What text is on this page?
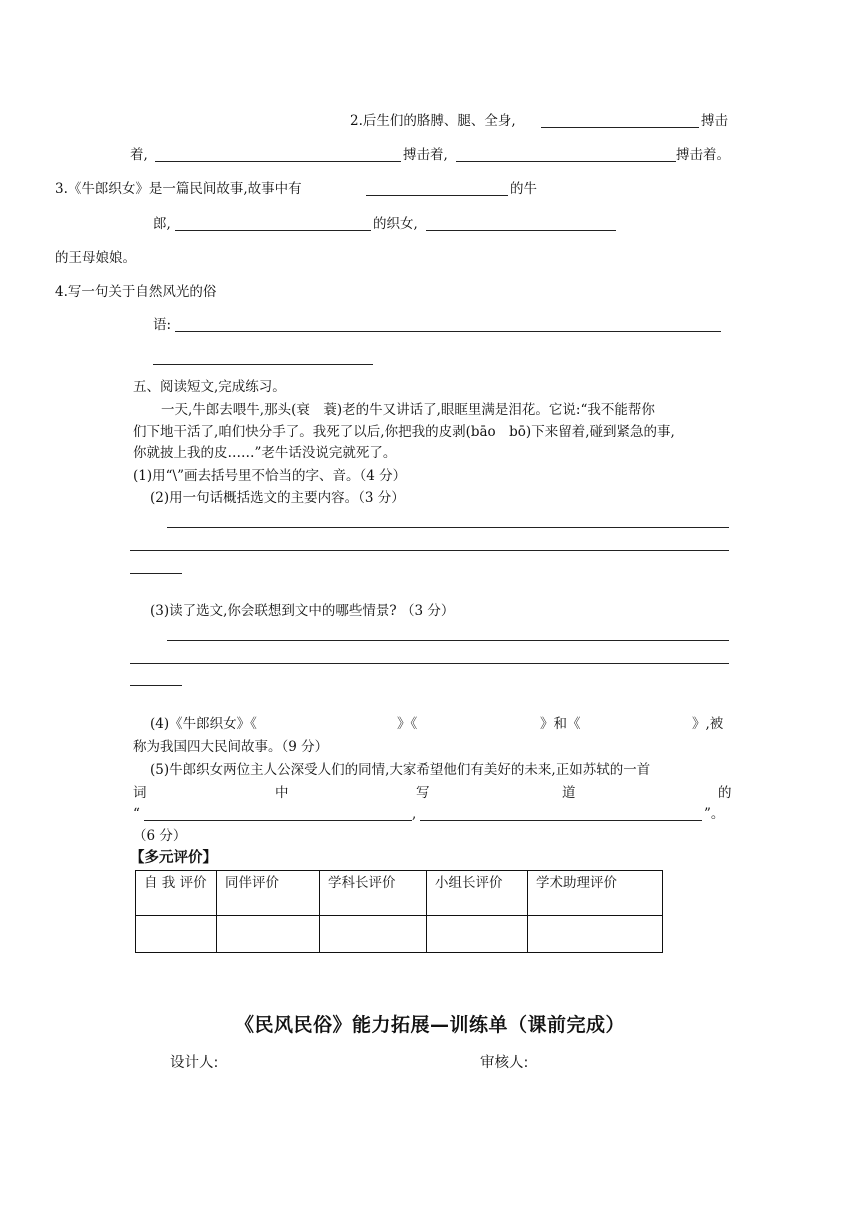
2.后生们的胳膊、腿、全身,	搏击
着,	搏击着,	搏击着。
3.《牛郎织女》是一篇民间故事,故事中有	的牛
郎,	的织女,
的王母娘娘。
4.写一句关于自然风光的俗
语:
五、阅读短文,完成练习。
一天,牛郎去喂牛,那头(衰　蓑)老的牛又讲话了,眼眶里满是泪花。它说:“我不能帮你
们下地干活了,咱们快分手了。我死了以后,你把我的皮剥(bāo　bō)下来留着,碰到紧急的事,
你就披上我的皮……”老牛话没说完就死了。
(1)用“\”画去括号里不恰当的字、音。（4 分）
(2)用一句话概括选文的主要内容。（3 分）
(3)读了选文,你会联想到文中的哪些情景? （3 分）
(4)《牛郎织女》《	》《	》和《	》,被
称为我国四大民间故事。（9 分）
(5)牛郎织女两位主人公深受人们的同情,大家希望他们有美好的未来,正如苏轼的一首
词	中	写	道	的
“	,	”。
（6 分）
【多元评价】
自 我 评价	同伴评价	学科长评价	小组长评价	学术助理评价

《民风民俗》能力拓展—训练单（课前完成）
设计人:	审核人:
